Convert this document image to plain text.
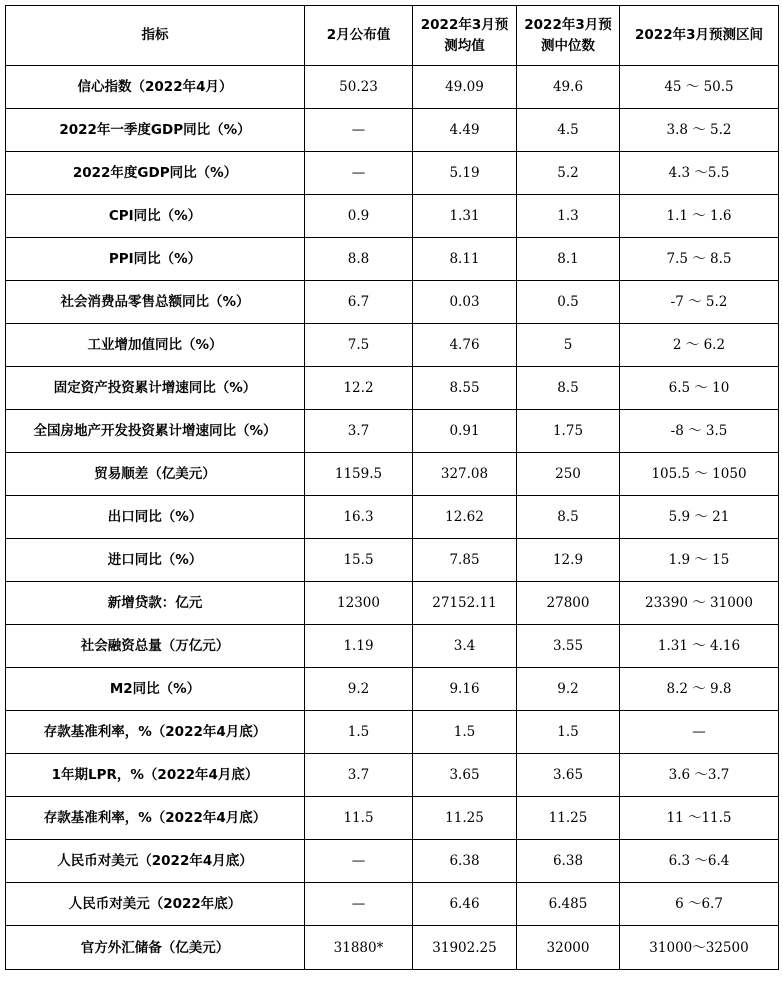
指标	2月公布值	2022年3月预测均值	2022年3月预测中位数	2022年3月预测区间
信心指数（2022年4月）	50.23	49.09	49.6	45 ～ 50.5
2022年一季度GDP同比（%）	—	4.49	4.5	3.8 ～ 5.2
2022年度GDP同比（%）	—	5.19	5.2	4.3 ～5.5
CPI同比（%）	0.9	1.31	1.3	1.1 ～ 1.6
PPI同比（%）	8.8	8.11	8.1	7.5 ～ 8.5
社会消费品零售总额同比（%）	6.7	0.03	0.5	-7 ～ 5.2
工业增加值同比（%）	7.5	4.76	5	2 ～ 6.2
固定资产投资累计增速同比（%）	12.2	8.55	8.5	6.5 ～ 10
全国房地产开发投资累计增速同比（%）	3.7	0.91	1.75	-8 ～ 3.5
贸易顺差（亿美元）	1159.5	327.08	250	105.5 ～ 1050
出口同比（%）	16.3	12.62	8.5	5.9 ～ 21
进口同比（%）	15.5	7.85	12.9	1.9 ～ 15
新增贷款：亿元	12300	27152.11	27800	23390 ～ 31000
社会融资总量（万亿元）	1.19	3.4	3.55	1.31 ～ 4.16
M2同比（%）	9.2	9.16	9.2	8.2 ～ 9.8
存款基准利率，%（2022年4月底）	1.5	1.5	1.5	—
1年期LPR，%（2022年4月底）	3.7	3.65	3.65	3.6 ～3.7
存款基准利率，%（2022年4月底）	11.5	11.25	11.25	11 ～11.5
人民币对美元（2022年4月底）	—	6.38	6.38	6.3 ～6.4
人民币对美元（2022年底）	—	6.46	6.485	6 ～6.7
官方外汇储备（亿美元）	31880*	31902.25	32000	31000～32500
